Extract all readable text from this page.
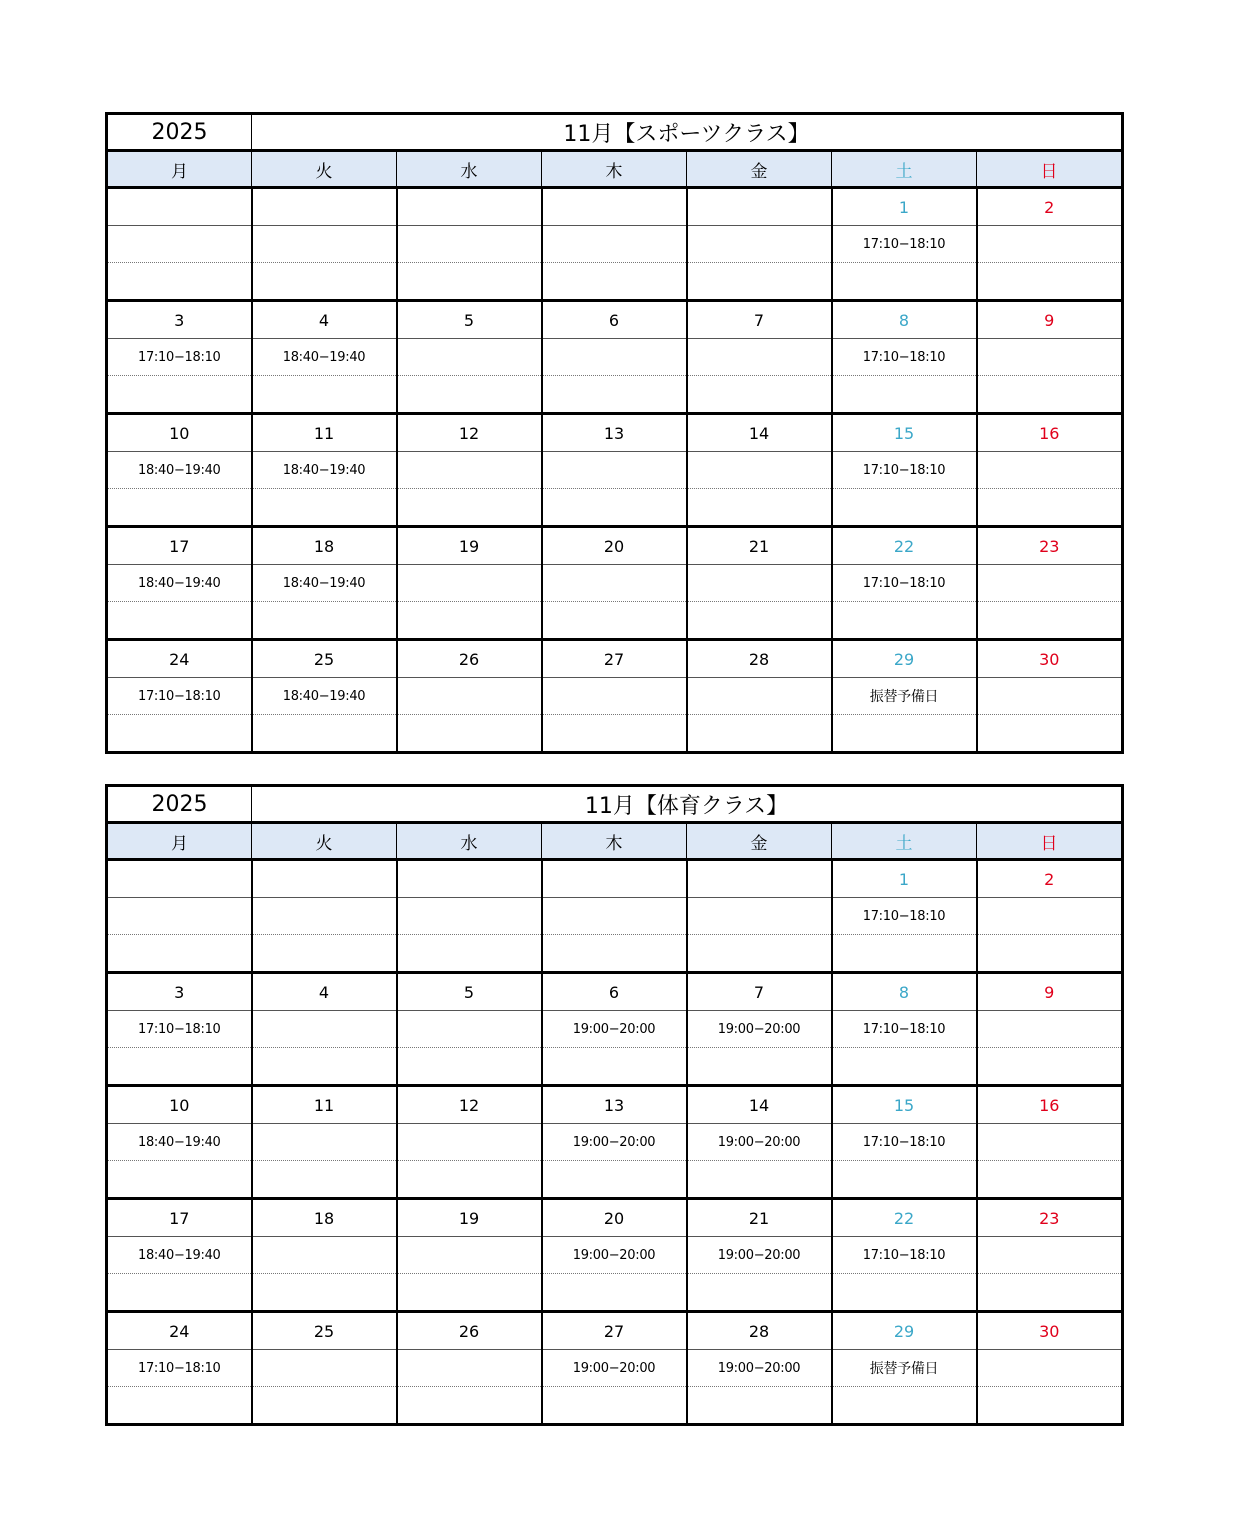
2025	11月【スポーツクラス】					
月	火	水	木	金	土	日
					1	2
					17:10−18:10	

3	4	5	6	7	8	9
17:10−18:10	18:40−19:40				17:10−18:10	

10	11	12	13	14	15	16
18:40−19:40	18:40−19:40				17:10−18:10	

17	18	19	20	21	22	23
18:40−19:40	18:40−19:40				17:10−18:10	

24	25	26	27	28	29	30
17:10−18:10	18:40−19:40				振替予備日	

2025	11月【体育クラス】					
月	火	水	木	金	土	日
					1	2
					17:10−18:10	

3	4	5	6	7	8	9
17:10−18:10			19:00−20:00	19:00−20:00	17:10−18:10	

10	11	12	13	14	15	16
18:40−19:40			19:00−20:00	19:00−20:00	17:10−18:10	

17	18	19	20	21	22	23
18:40−19:40			19:00−20:00	19:00−20:00	17:10−18:10	

24	25	26	27	28	29	30
17:10−18:10			19:00−20:00	19:00−20:00	振替予備日	
